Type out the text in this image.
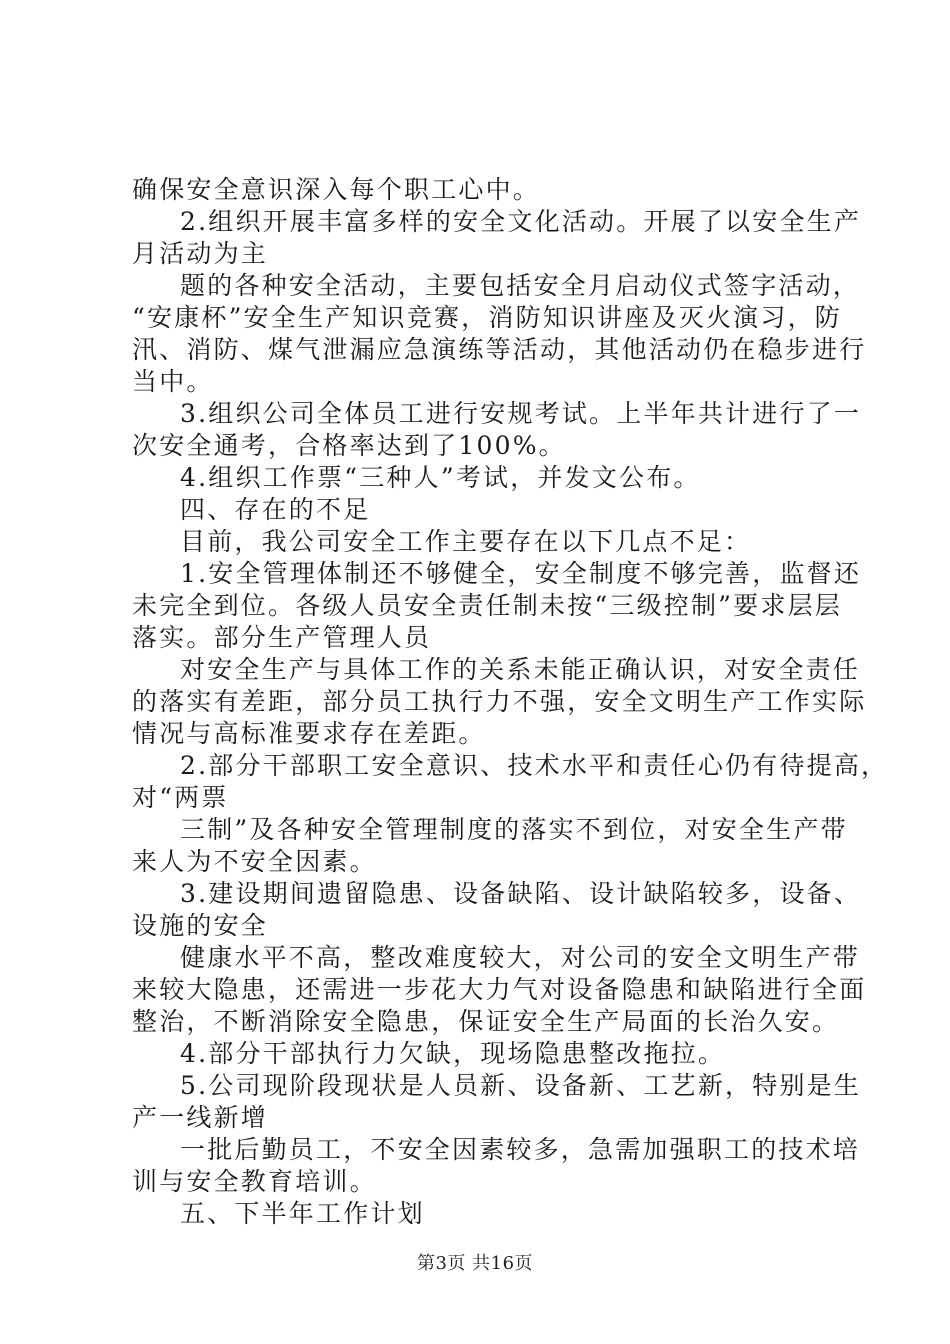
确保安全意识深入每个职工心中。
2.组织开展丰富多样的安全文化活动。开展了以安全生产
月活动为主
题的各种安全活动，主要包括安全月启动仪式签字活动，
“安康杯”安全生产知识竞赛，消防知识讲座及灭火演习，防
汛、消防、煤气泄漏应急演练等活动，其他活动仍在稳步进行
当中。
3.组织公司全体员工进行安规考试。上半年共计进行了一
次安全通考，合格率达到了100%。
4.组织工作票“三种人”考试，并发文公布。
四、存在的不足
目前，我公司安全工作主要存在以下几点不足：
1.安全管理体制还不够健全，安全制度不够完善，监督还
未完全到位。各级人员安全责任制未按“三级控制”要求层层
落实。部分生产管理人员
对安全生产与具体工作的关系未能正确认识，对安全责任
的落实有差距，部分员工执行力不强，安全文明生产工作实际
情况与高标准要求存在差距。
2.部分干部职工安全意识、技术水平和责任心仍有待提高，
对“两票
三制”及各种安全管理制度的落实不到位，对安全生产带
来人为不安全因素。
3.建设期间遗留隐患、设备缺陷、设计缺陷较多，设备、
设施的安全
健康水平不高，整改难度较大，对公司的安全文明生产带
来较大隐患，还需进一步花大力气对设备隐患和缺陷进行全面
整治，不断消除安全隐患，保证安全生产局面的长治久安。
4.部分干部执行力欠缺，现场隐患整改拖拉。
5.公司现阶段现状是人员新、设备新、工艺新，特别是生
产一线新增
一批后勤员工，不安全因素较多，急需加强职工的技术培
训与安全教育培训。
五、下半年工作计划
第3页 共16页
